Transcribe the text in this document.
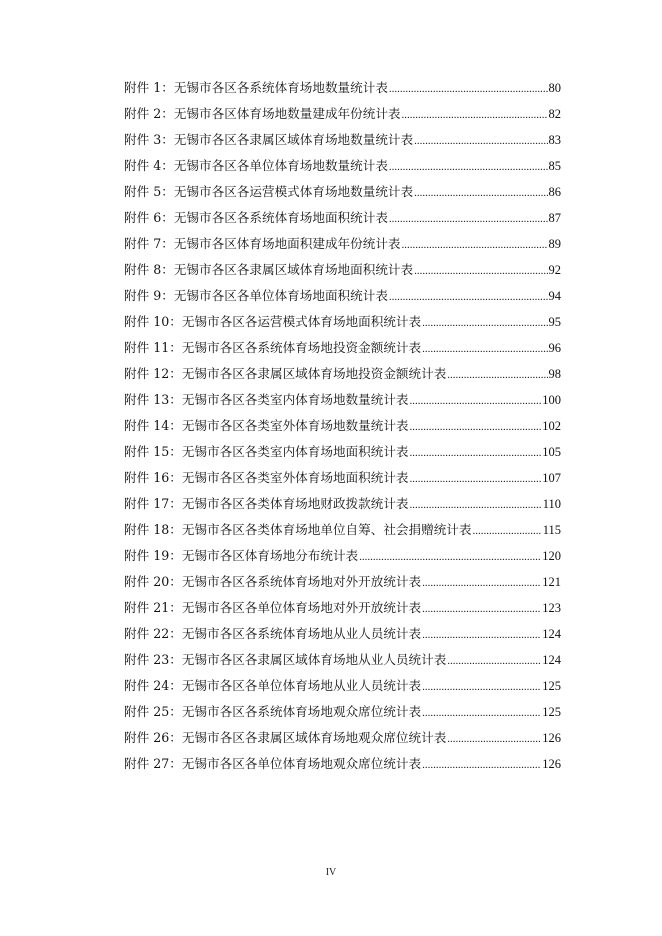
附件 1： 无锡市各区各系统体育场地数量统计表 .....	80
附件 2： 无锡市各区体育场地数量建成年份统计表 .....	82
附件 3： 无锡市各区各隶属区域体育场地数量统计表 .....	83
附件 4： 无锡市各区各单位体育场地数量统计表 .....	85
附件 5： 无锡市各区各运营模式体育场地数量统计表 .....	86
附件 6： 无锡市各区各系统体育场地面积统计表 .....	87
附件 7： 无锡市各区体育场地面积建成年份统计表 .....	89
附件 8： 无锡市各区各隶属区域体育场地面积统计表 .....	92
附件 9： 无锡市各区各单位体育场地面积统计表 .....	94
附件 10： 无锡市各区各运营模式体育场地面积统计表 .....	95
附件 11： 无锡市各区各系统体育场地投资金额统计表 .....	96
附件 12： 无锡市各区各隶属区域体育场地投资金额统计表 .....	98
附件 13： 无锡市各区各类室内体育场地数量统计表 .....	100
附件 14： 无锡市各区各类室外体育场地数量统计表 .....	102
附件 15： 无锡市各区各类室内体育场地面积统计表 .....	105
附件 16： 无锡市各区各类室外体育场地面积统计表 .....	107
附件 17： 无锡市各区各类体育场地财政拨款统计表 .....	110
附件 18： 无锡市各区各类体育场地单位自筹、社会捐赠统计表 .....	115
附件 19： 无锡市各区体育场地分布统计表 .....	120
附件 20： 无锡市各区各系统体育场地对外开放统计表 .....	121
附件 21： 无锡市各区各单位体育场地对外开放统计表 .....	123
附件 22： 无锡市各区各系统体育场地从业人员统计表 .....	124
附件 23： 无锡市各区各隶属区域体育场地从业人员统计表 .....	124
附件 24： 无锡市各区各单位体育场地从业人员统计表 .....	125
附件 25： 无锡市各区各系统体育场地观众席位统计表 .....	125
附件 26： 无锡市各区各隶属区域体育场地观众席位统计表 .....	126
附件 27： 无锡市各区各单位体育场地观众席位统计表 .....	126
IV
